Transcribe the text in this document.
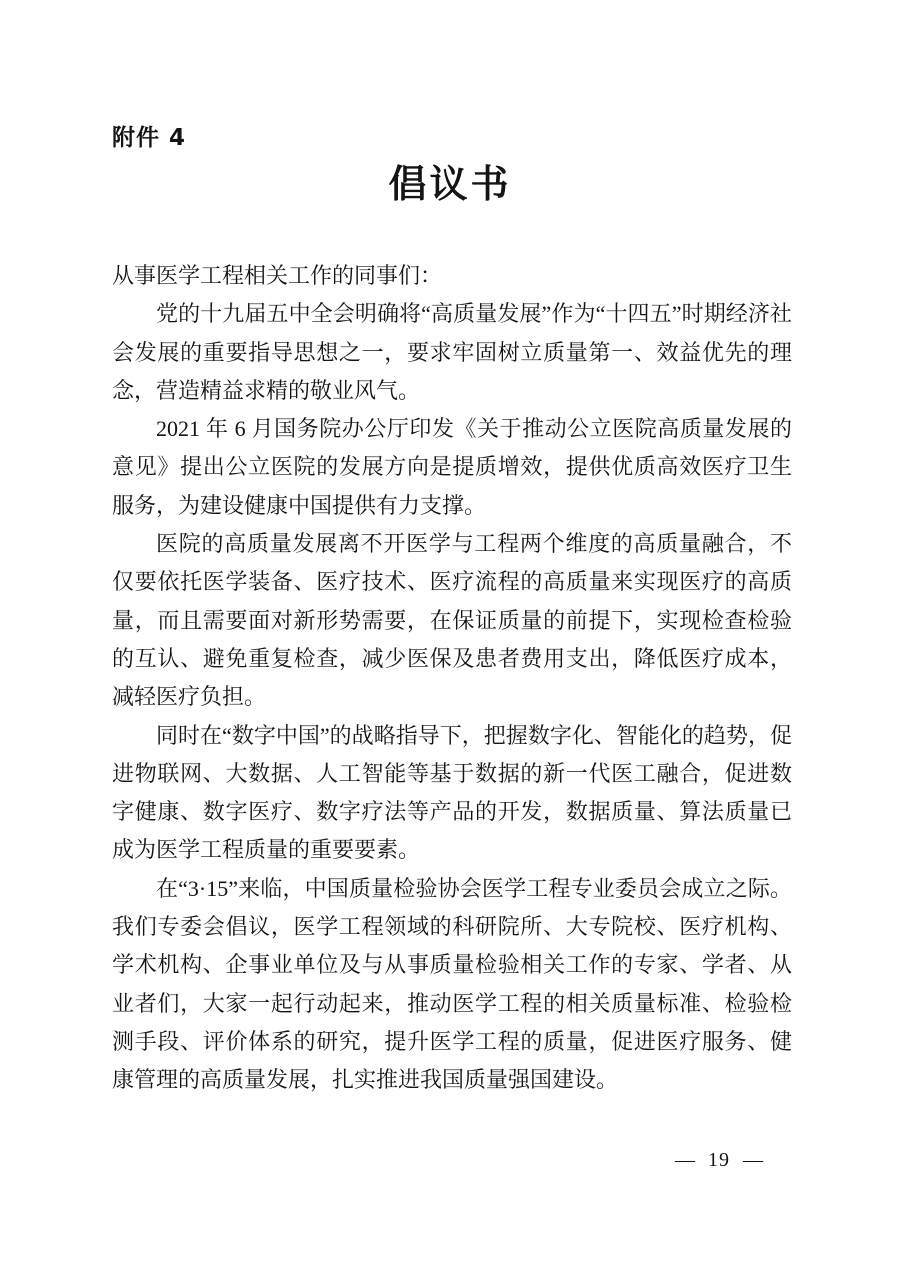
附件 4
倡议书

从事医学工程相关工作的同事们：

党的十九届五中全会明确将“高质量发展”作为“十四五”时期经济社会发展的重要指导思想之一，要求牢固树立质量第一、效益优先的理念，营造精益求精的敬业风气。

2021 年 6 月国务院办公厅印发《关于推动公立医院高质量发展的意见》提出公立医院的发展方向是提质增效，提供优质高效医疗卫生服务，为建设健康中国提供有力支撑。

医院的高质量发展离不开医学与工程两个维度的高质量融合，不仅要依托医学装备、医疗技术、医疗流程的高质量来实现医疗的高质量，而且需要面对新形势需要，在保证质量的前提下，实现检查检验的互认、避免重复检查，减少医保及患者费用支出，降低医疗成本，减轻医疗负担。

同时在“数字中国”的战略指导下，把握数字化、智能化的趋势，促进物联网、大数据、人工智能等基于数据的新一代医工融合，促进数字健康、数字医疗、数字疗法等产品的开发，数据质量、算法质量已成为医学工程质量的重要要素。

在“3·15”来临，中国质量检验协会医学工程专业委员会成立之际。我们专委会倡议，医学工程领域的科研院所、大专院校、医疗机构、学术机构、企事业单位及与从事质量检验相关工作的专家、学者、从业者们，大家一起行动起来，推动医学工程的相关质量标准、检验检测手段、评价体系的研究，提升医学工程的质量，促进医疗服务、健康管理的高质量发展，扎实推进我国质量强国建设。

— 19 —
